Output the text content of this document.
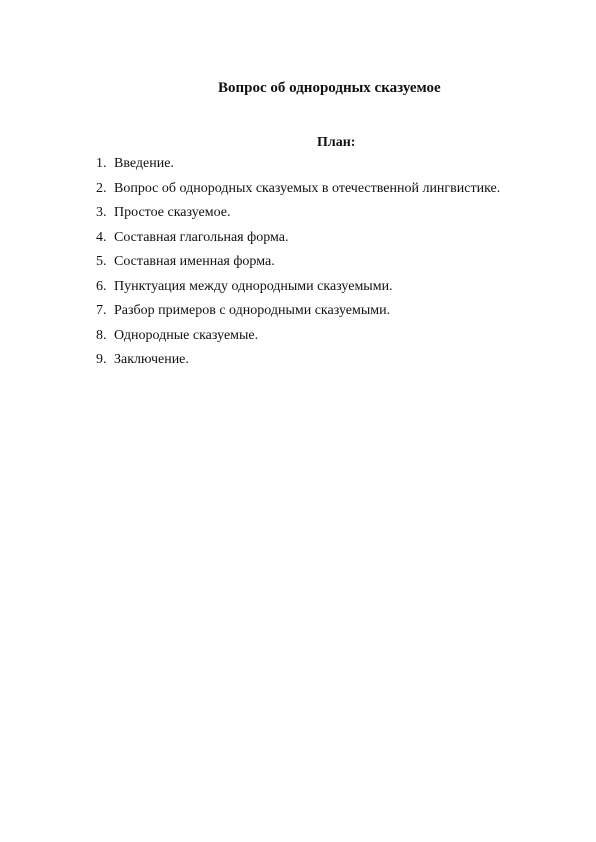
Вопрос об однородных сказуемое
План:
1. Введение.
2. Вопрос об однородных сказуемых в отечественной лингвистике.
3. Простое сказуемое.
4. Составная глагольная форма.
5. Составная именная форма.
6. Пунктуация между однородными сказуемыми.
7. Разбор примеров с однородными сказуемыми.
8. Однородные сказуемые.
9. Заключение.
